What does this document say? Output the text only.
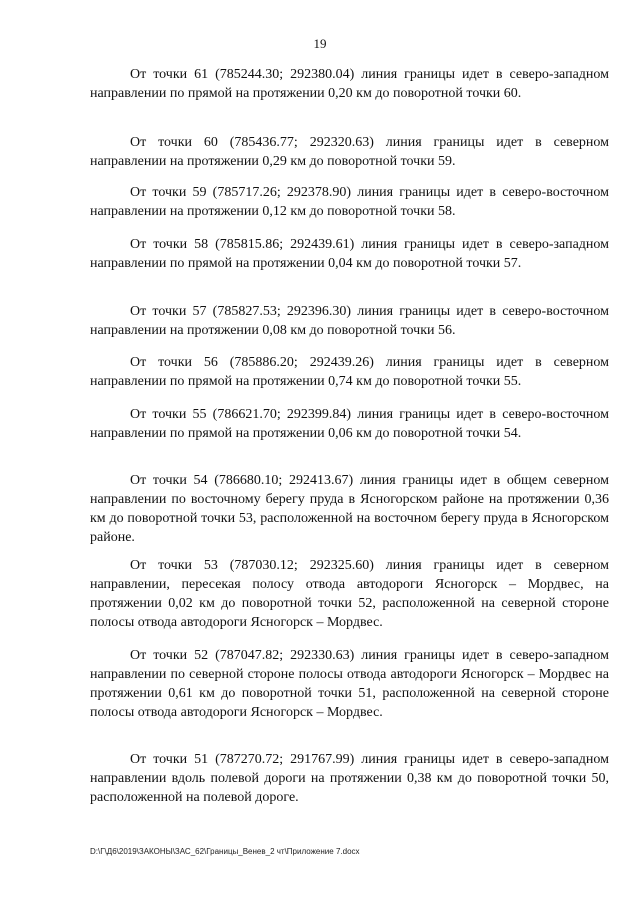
19

От точки 61 (785244.30; 292380.04) линия границы идет в северо-западном направлении по прямой на протяжении 0,20 км до поворотной точки 60.

От точки 60 (785436.77; 292320.63) линия границы идет в северном направлении на протяжении 0,29 км до поворотной точки 59.

От точки 59 (785717.26; 292378.90) линия границы идет в северо-восточном направлении на протяжении 0,12 км до поворотной точки 58.

От точки 58 (785815.86; 292439.61) линия границы идет в северо-западном направлении по прямой на протяжении 0,04 км до поворотной точки 57.

От точки 57 (785827.53; 292396.30) линия границы идет в северо-восточном направлении на протяжении 0,08 км до поворотной точки 56.

От точки 56 (785886.20; 292439.26) линия границы идет в северном направлении по прямой на протяжении 0,74 км до поворотной точки 55.

От точки 55 (786621.70; 292399.84) линия границы идет в северо-восточном направлении по прямой на протяжении 0,06 км до поворотной точки 54.

От точки 54 (786680.10; 292413.67) линия границы идет в общем северном направлении по восточному берегу пруда в Ясногорском районе на протяжении 0,36 км до поворотной точки 53, расположенной на восточном берегу пруда в Ясногорском районе.

От точки 53 (787030.12; 292325.60) линия границы идет в северном направлении, пересекая полосу отвода автодороги Ясногорск – Мордвес, на протяжении 0,02 км до поворотной точки 52, расположенной на северной стороне полосы отвода автодороги Ясногорск – Мордвес.

От точки 52 (787047.82; 292330.63) линия границы идет в северо-западном направлении по северной стороне полосы отвода автодороги Ясногорск – Мордвес на протяжении 0,61 км до поворотной точки 51, расположенной на северной стороне полосы отвода автодороги Ясногорск – Мордвес.

От точки 51 (787270.72; 291767.99) линия границы идет в северо-западном направлении вдоль полевой дороги на протяжении 0,38 км до поворотной точки 50, расположенной на полевой дороге.

D:\Г\Д6\2019\ЗАКОНЫ\ЗАС_62\Границы_Венев_2 чт\Приложение 7.docx
